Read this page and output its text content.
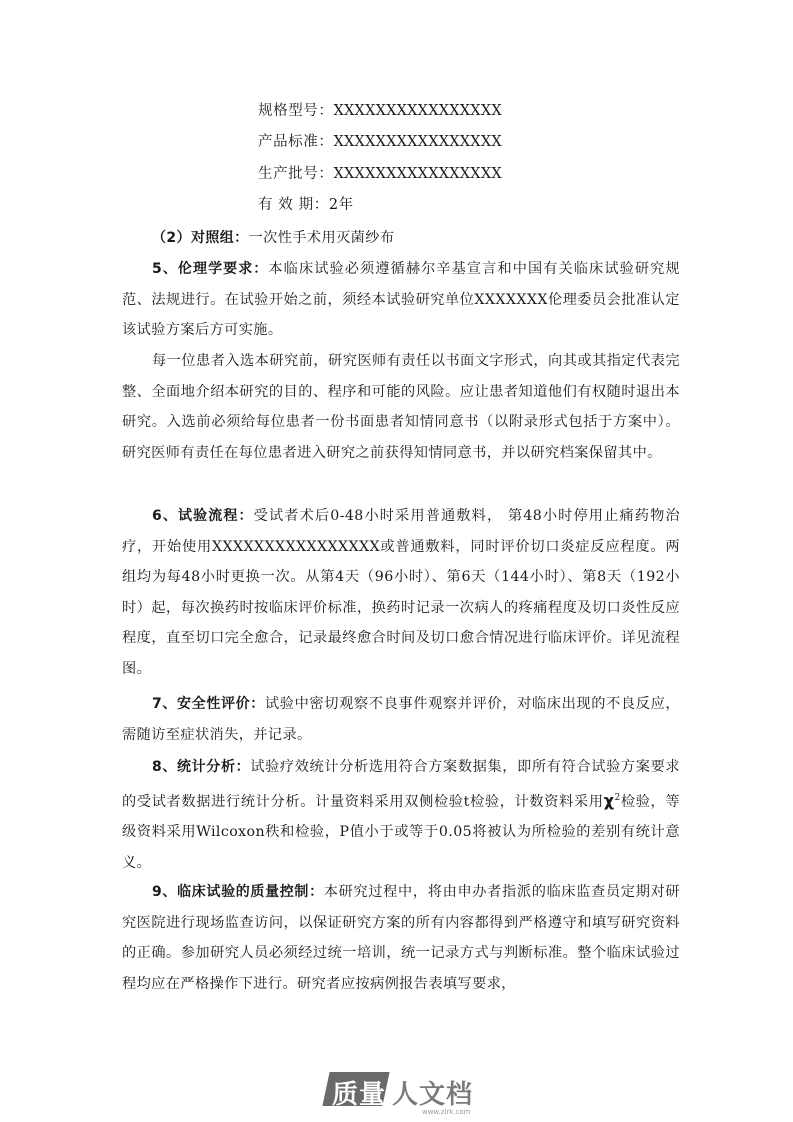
规格型号：XXXXXXXXXXXXXXXX
产品标准：XXXXXXXXXXXXXXXX
生产批号：XXXXXXXXXXXXXXXX
有 效 期：2年
（2）对照组：一次性手术用灭菌纱布
5、伦理学要求：本临床试验必须遵循赫尔辛基宣言和中国有关临床试验研究规范、法规进行。在试验开始之前，须经本试验研究单位XXXXXXX伦理委员会批准认定该试验方案后方可实施。
每一位患者入选本研究前，研究医师有责任以书面文字形式，向其或其指定代表完整、全面地介绍本研究的目的、程序和可能的风险。应让患者知道他们有权随时退出本研究。入选前必须给每位患者一份书面患者知情同意书（以附录形式包括于方案中）。研究医师有责任在每位患者进入研究之前获得知情同意书，并以研究档案保留其中。
6、试验流程：受试者术后0-48小时采用普通敷料， 第48小时停用止痛药物治疗，开始使用XXXXXXXXXXXXXXXX或普通敷料，同时评价切口炎症反应程度。两组均为每48小时更换一次。从第4天（96小时）、第6天（144小时）、第8天（192小时）起，每次换药时按临床评价标准，换药时记录一次病人的疼痛程度及切口炎性反应程度，直至切口完全愈合，记录最终愈合时间及切口愈合情况进行临床评价。详见流程图。
7、安全性评价：试验中密切观察不良事件观察并评价，对临床出现的不良反应，需随访至症状消失，并记录。
8、统计分析：试验疗效统计分析选用符合方案数据集，即所有符合试验方案要求的受试者数据进行统计分析。计量资料采用双侧检验t检验，计数资料采用$\chi^2$检验，等级资料采用Wilcoxon秩和检验，P值小于或等于0.05将被认为所检验的差别有统计意义。
9、临床试验的质量控制：本研究过程中，将由申办者指派的临床监查员定期对研究医院进行现场监查访问，以保证研究方案的所有内容都得到严格遵守和填写研究资料的正确。参加研究人员必须经过统一培训，统一记录方式与判断标准。整个临床试验过程均应在严格操作下进行。研究者应按病例报告表填写要求，
质量 人文档
www.zlrk.com
